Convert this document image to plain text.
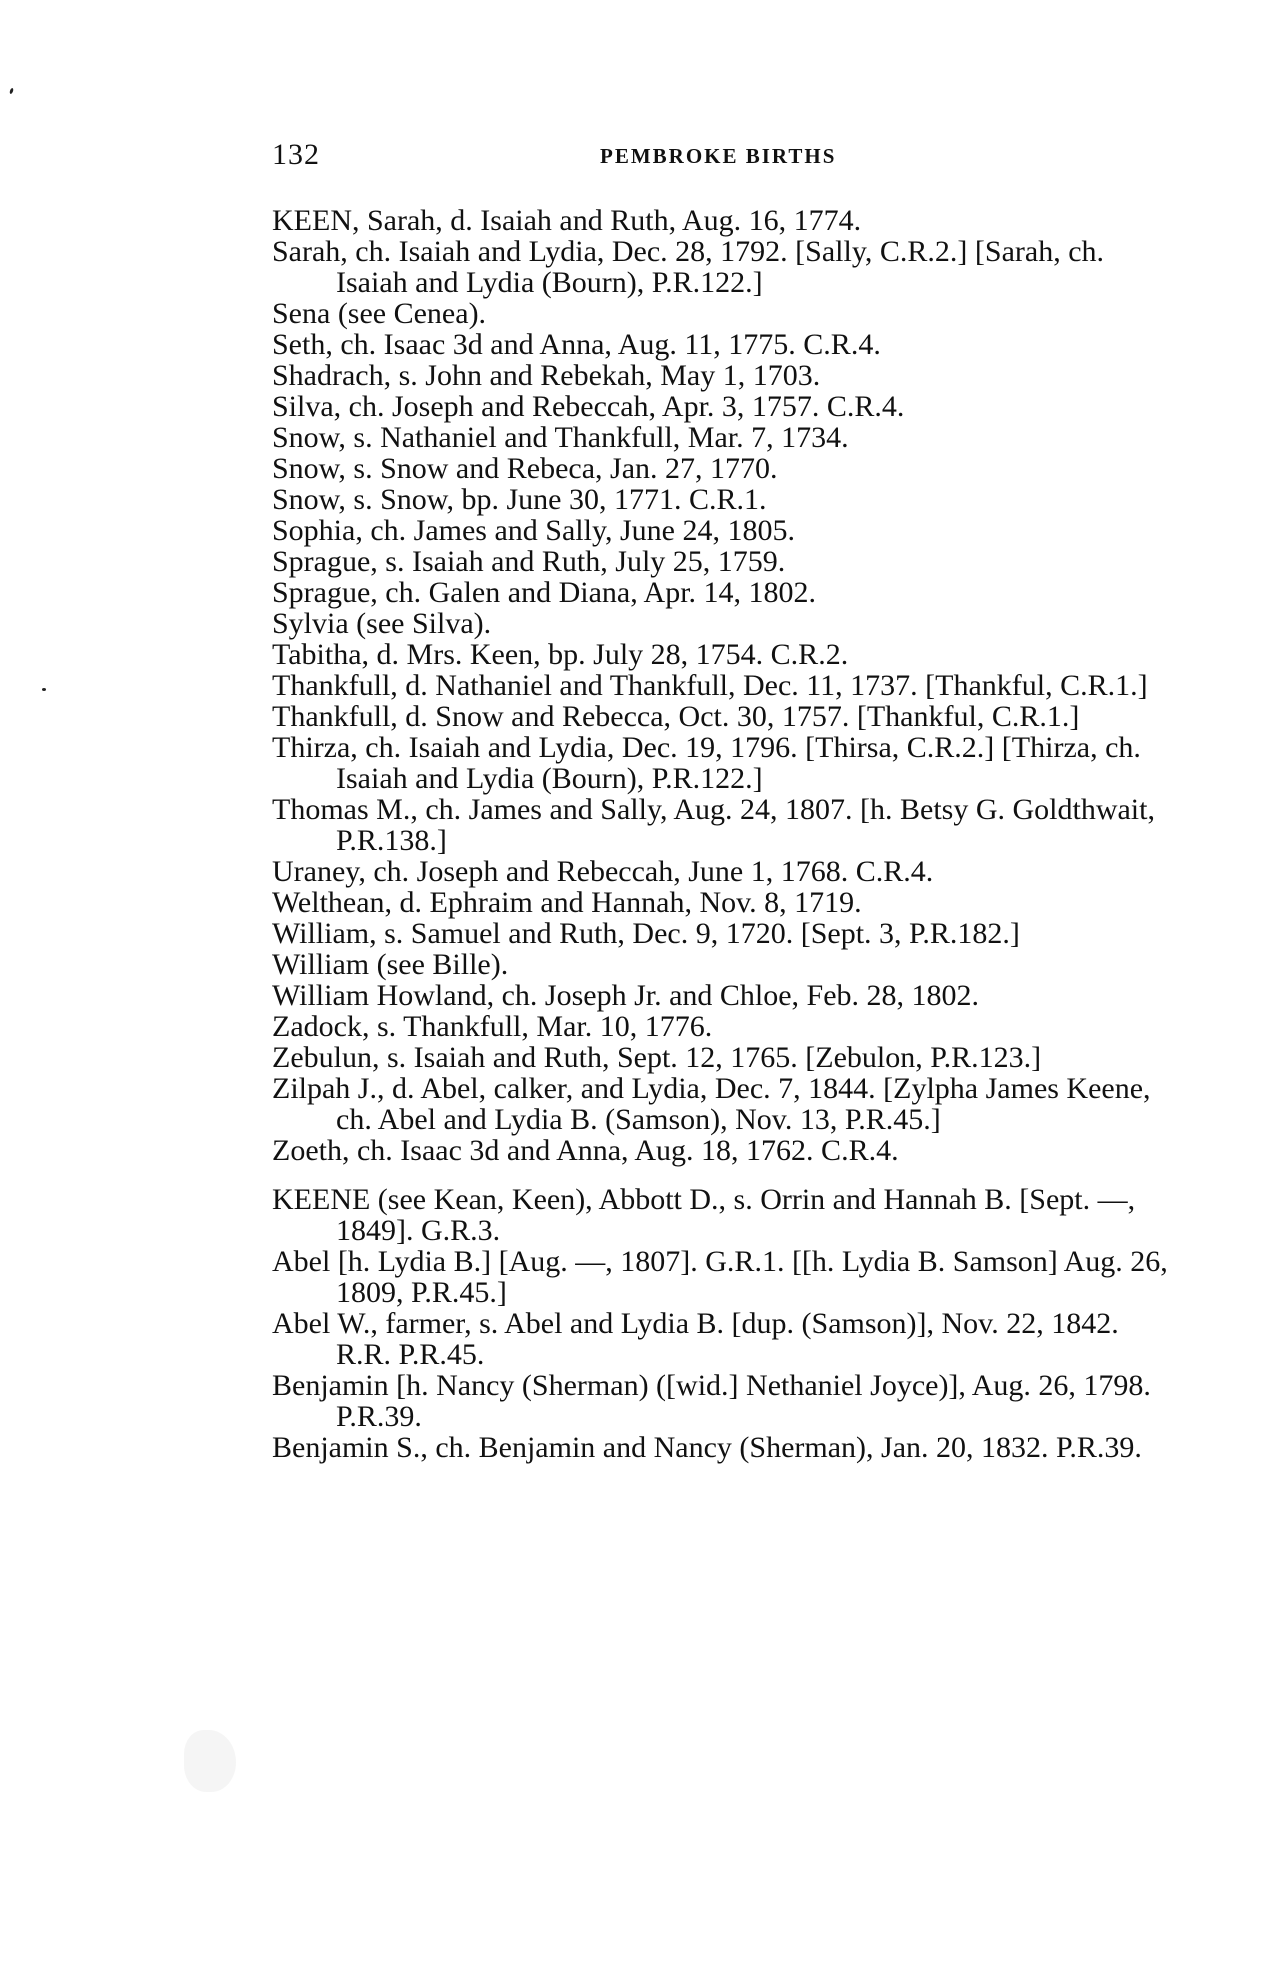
132	PEMBROKE BIRTHS

KEEN, Sarah, d. Isaiah and Ruth, Aug. 16, 1774.

Sarah, ch. Isaiah and Lydia, Dec. 28, 1792. [Sally, C.R.2.] [Sarah, ch. Isaiah and Lydia (Bourn), P.R.122.]

Sena (see Cenea).

Seth, ch. Isaac 3d and Anna, Aug. 11, 1775. C.R.4.

Shadrach, s. John and Rebekah, May 1, 1703.

Silva, ch. Joseph and Rebeccah, Apr. 3, 1757. C.R.4.

Snow, s. Nathaniel and Thankfull, Mar. 7, 1734.

Snow, s. Snow and Rebeca, Jan. 27, 1770.

Snow, s. Snow, bp. June 30, 1771. C.R.1.

Sophia, ch. James and Sally, June 24, 1805.

Sprague, s. Isaiah and Ruth, July 25, 1759.

Sprague, ch. Galen and Diana, Apr. 14, 1802.

Sylvia (see Silva).

Tabitha, d. Mrs. Keen, bp. July 28, 1754. C.R.2.

Thankfull, d. Nathaniel and Thankfull, Dec. 11, 1737. [Thankful, C.R.1.]

Thankfull, d. Snow and Rebecca, Oct. 30, 1757. [Thankful, C.R.1.]

Thirza, ch. Isaiah and Lydia, Dec. 19, 1796. [Thirsa, C.R.2.] [Thirza, ch. Isaiah and Lydia (Bourn), P.R.122.]

Thomas M., ch. James and Sally, Aug. 24, 1807. [h. Betsy G. Goldthwait, P.R.138.]

Uraney, ch. Joseph and Rebeccah, June 1, 1768. C.R.4.

Welthean, d. Ephraim and Hannah, Nov. 8, 1719.

William, s. Samuel and Ruth, Dec. 9, 1720. [Sept. 3, P.R.182.]

William (see Bille).

William Howland, ch. Joseph Jr. and Chloe, Feb. 28, 1802.

Zadock, s. Thankfull, Mar. 10, 1776.

Zebulun, s. Isaiah and Ruth, Sept. 12, 1765. [Zebulon, P.R.123.]

Zilpah J., d. Abel, calker, and Lydia, Dec. 7, 1844. [Zylpha James Keene, ch. Abel and Lydia B. (Samson), Nov. 13, P.R.45.]

Zoeth, ch. Isaac 3d and Anna, Aug. 18, 1762. C.R.4.

KEENE (see Kean, Keen), Abbott D., s. Orrin and Hannah B. [Sept. —, 1849]. G.R.3.

Abel [h. Lydia B.] [Aug. —, 1807]. G.R.1. [[h. Lydia B. Samson] Aug. 26, 1809, P.R.45.]

Abel W., farmer, s. Abel and Lydia B. [dup. (Samson)], Nov. 22, 1842. R.R. P.R.45.

Benjamin [h. Nancy (Sherman) ([wid.] Nethaniel Joyce)], Aug. 26, 1798. P.R.39.

Benjamin S., ch. Benjamin and Nancy (Sherman), Jan. 20, 1832. P.R.39.
